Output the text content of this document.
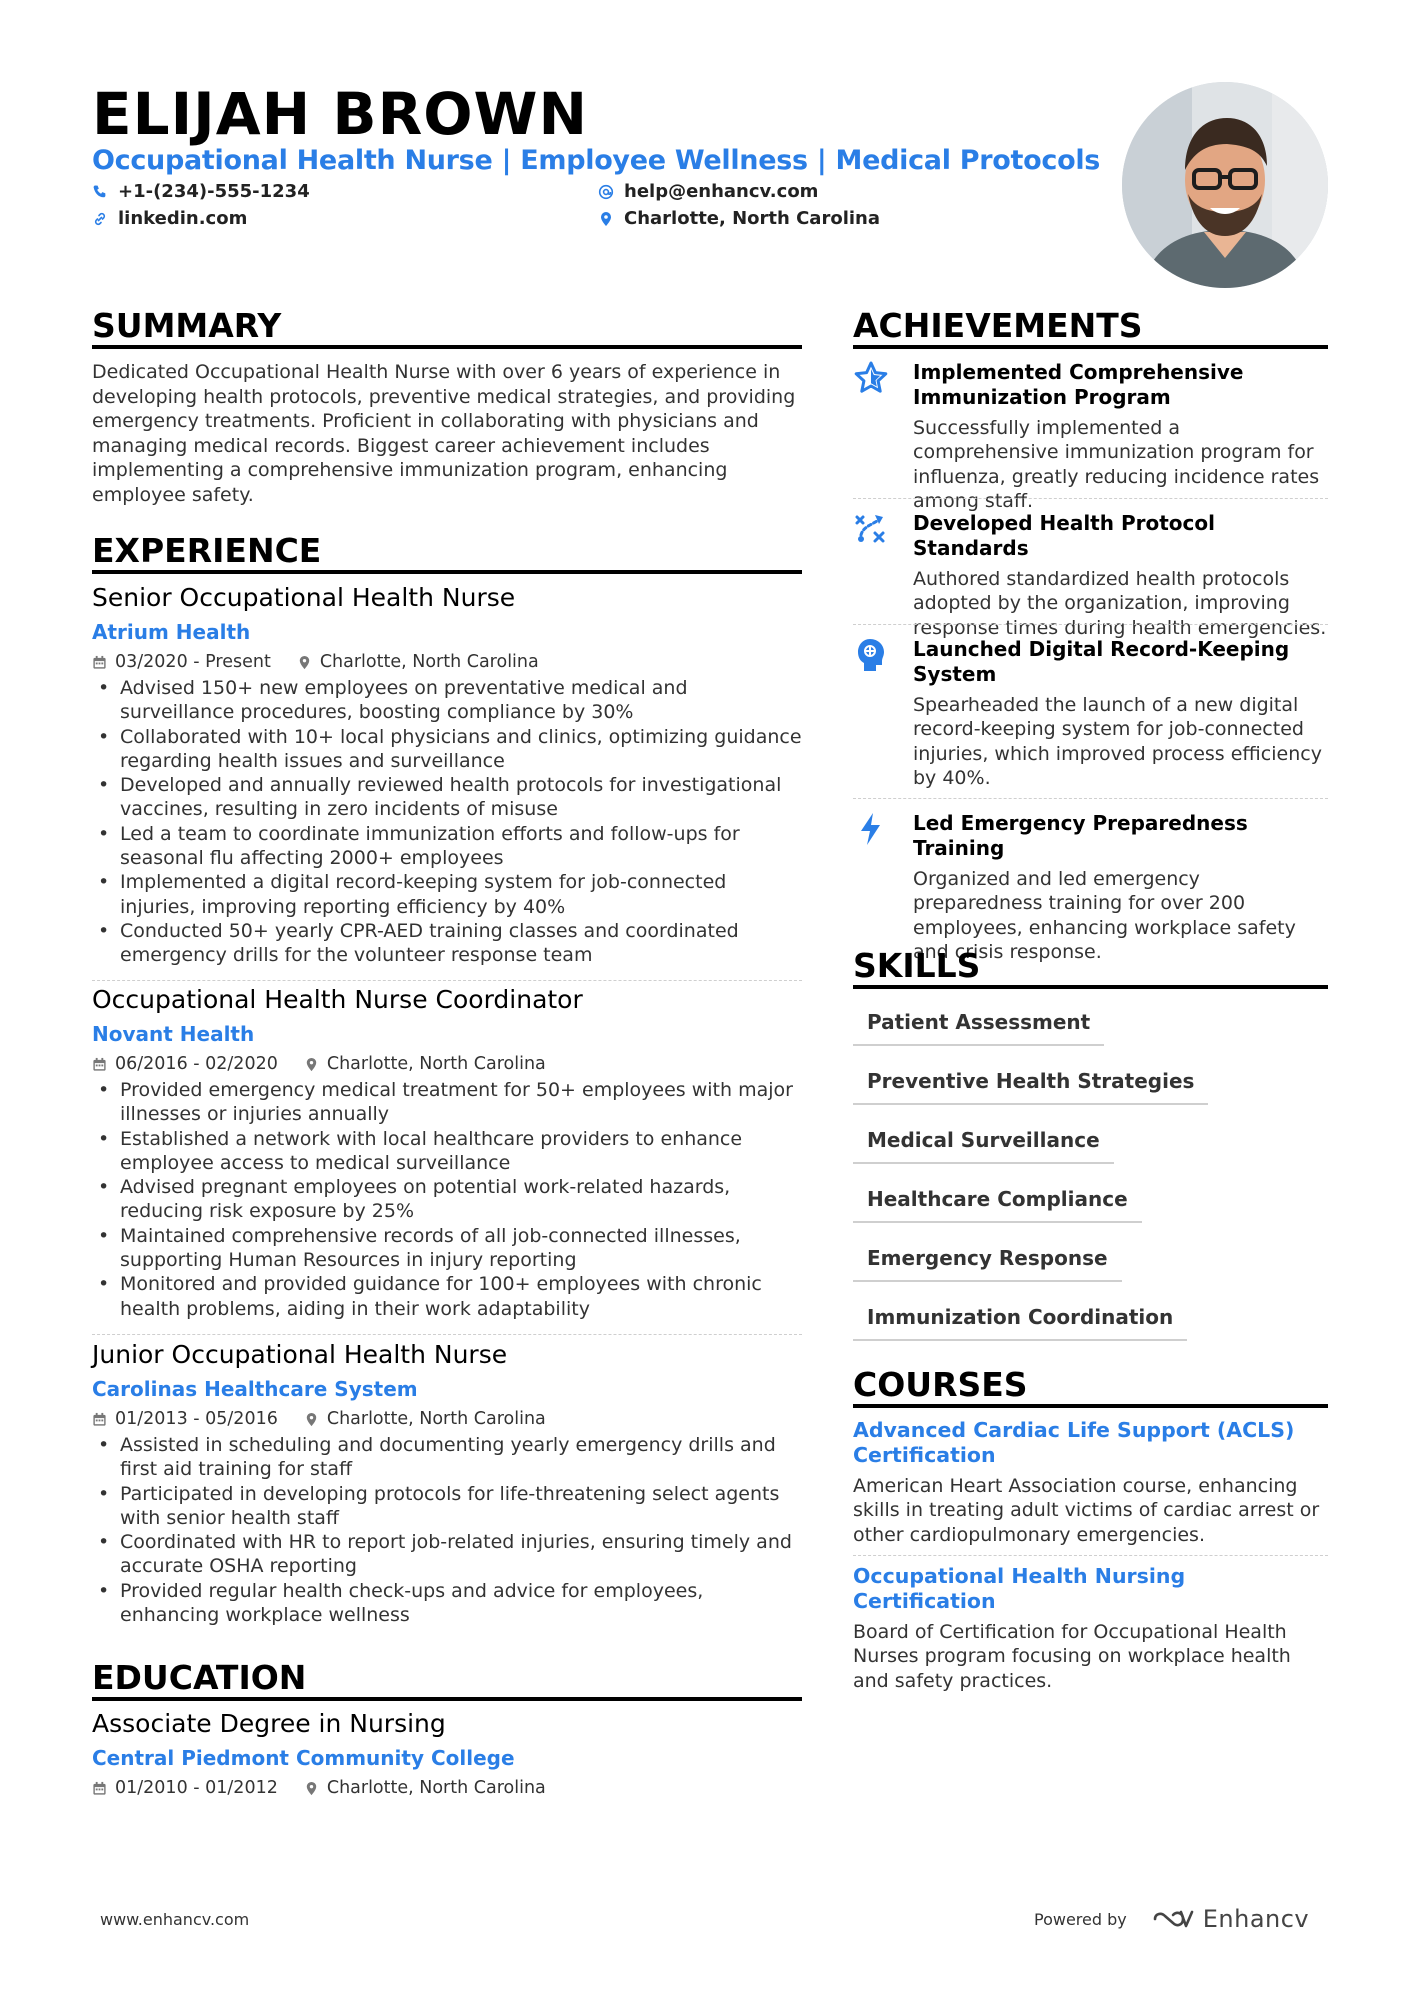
ELIJAH BROWN
Occupational Health Nurse | Employee Wellness | Medical Protocols
+1-(234)-555-1234	help@enhancv.com
linkedin.com	Charlotte, North Carolina
SUMMARY
Dedicated Occupational Health Nurse with over 6 years of experience in developing health protocols, preventive medical strategies, and providing emergency treatments. Proficient in collaborating with physicians and managing medical records. Biggest career achievement includes implementing a comprehensive immunization program, enhancing employee safety.
EXPERIENCE
Senior Occupational Health Nurse
Atrium Health
03/2020 - Present	Charlotte, North Carolina
• Advised 150+ new employees on preventative medical and surveillance procedures, boosting compliance by 30%
• Collaborated with 10+ local physicians and clinics, optimizing guidance regarding health issues and surveillance
• Developed and annually reviewed health protocols for investigational vaccines, resulting in zero incidents of misuse
• Led a team to coordinate immunization efforts and follow-ups for seasonal flu affecting 2000+ employees
• Implemented a digital record-keeping system for job-connected injuries, improving reporting efficiency by 40%
• Conducted 50+ yearly CPR-AED training classes and coordinated emergency drills for the volunteer response team
Occupational Health Nurse Coordinator
Novant Health
06/2016 - 02/2020	Charlotte, North Carolina
• Provided emergency medical treatment for 50+ employees with major illnesses or injuries annually
• Established a network with local healthcare providers to enhance employee access to medical surveillance
• Advised pregnant employees on potential work-related hazards, reducing risk exposure by 25%
• Maintained comprehensive records of all job-connected illnesses, supporting Human Resources in injury reporting
• Monitored and provided guidance for 100+ employees with chronic health problems, aiding in their work adaptability
Junior Occupational Health Nurse
Carolinas Healthcare System
01/2013 - 05/2016	Charlotte, North Carolina
• Assisted in scheduling and documenting yearly emergency drills and first aid training for staff
• Participated in developing protocols for life-threatening select agents with senior health staff
• Coordinated with HR to report job-related injuries, ensuring timely and accurate OSHA reporting
• Provided regular health check-ups and advice for employees, enhancing workplace wellness
EDUCATION
Associate Degree in Nursing
Central Piedmont Community College
01/2010 - 01/2012	Charlotte, North Carolina
ACHIEVEMENTS
Implemented Comprehensive Immunization Program
Successfully implemented a comprehensive immunization program for influenza, greatly reducing incidence rates among staff.
Developed Health Protocol Standards
Authored standardized health protocols adopted by the organization, improving response times during health emergencies.
Launched Digital Record-Keeping System
Spearheaded the launch of a new digital record-keeping system for job-connected injuries, which improved process efficiency by 40%.
Led Emergency Preparedness Training
Organized and led emergency preparedness training for over 200 employees, enhancing workplace safety and crisis response.
SKILLS
Patient Assessment
Preventive Health Strategies
Medical Surveillance
Healthcare Compliance
Emergency Response
Immunization Coordination
COURSES
Advanced Cardiac Life Support (ACLS) Certification
American Heart Association course, enhancing skills in treating adult victims of cardiac arrest or other cardiopulmonary emergencies.
Occupational Health Nursing Certification
Board of Certification for Occupational Health Nurses program focusing on workplace health and safety practices.
www.enhancv.com	Powered by	Enhancv
